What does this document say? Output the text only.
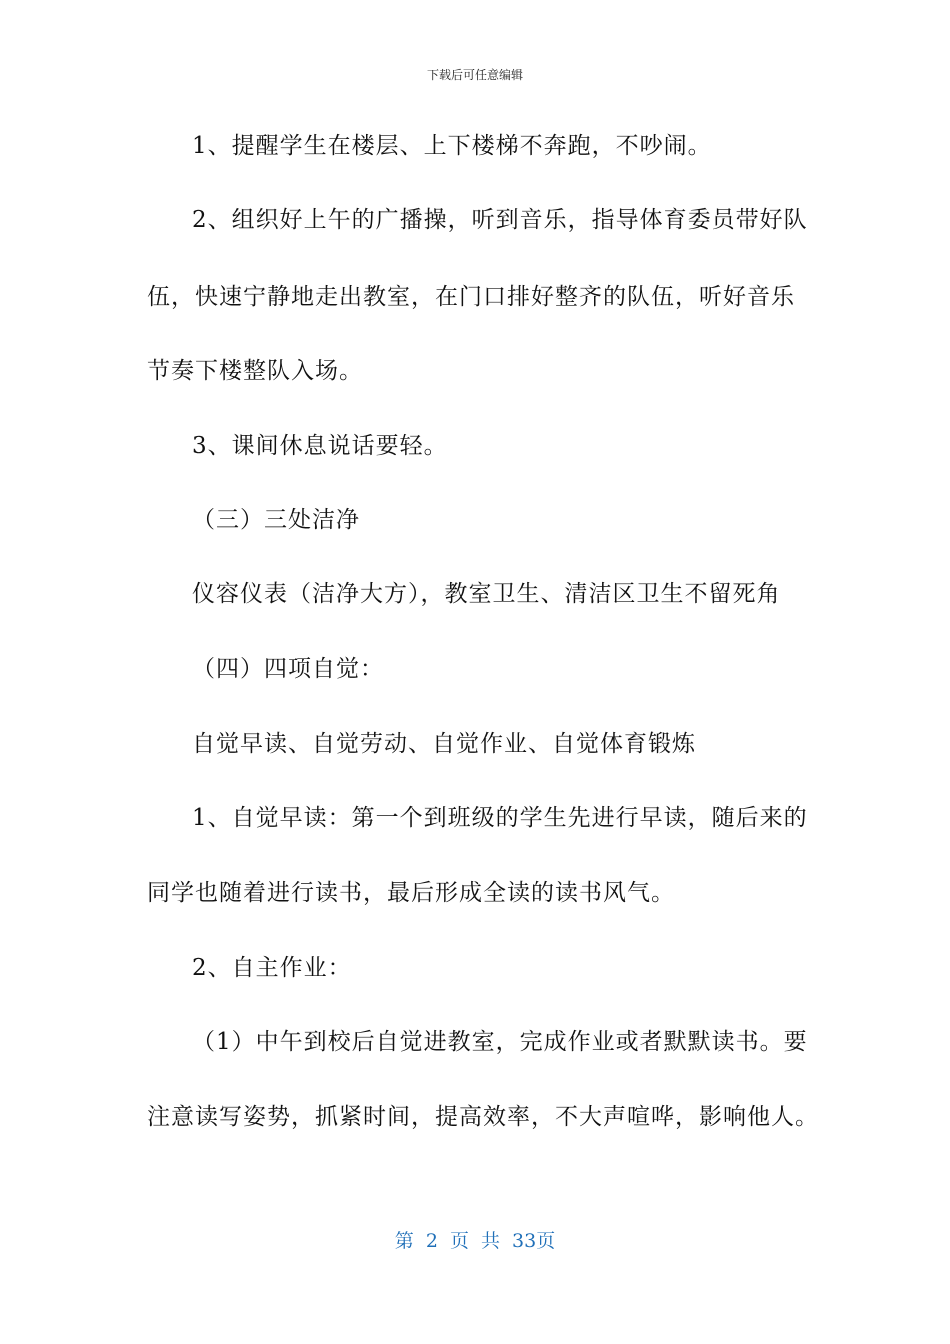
下载后可任意编辑
1、提醒学生在楼层、上下楼梯不奔跑，不吵闹。
2、组织好上午的广播操，听到音乐，指导体育委员带好队
伍，快速宁静地走出教室，在门口排好整齐的队伍，听好音乐
节奏下楼整队入场。
3、课间休息说话要轻。
（三）三处洁净
仪容仪表（洁净大方），教室卫生、清洁区卫生不留死角
（四）四项自觉：
自觉早读、自觉劳动、自觉作业、自觉体育锻炼
1、自觉早读：第一个到班级的学生先进行早读，随后来的
同学也随着进行读书，最后形成全读的读书风气。
2、自主作业：
（1）中午到校后自觉进教室，完成作业或者默默读书。要
注意读写姿势，抓紧时间，提高效率，不大声喧哗，影响他人。
第 2 页 共 33页
